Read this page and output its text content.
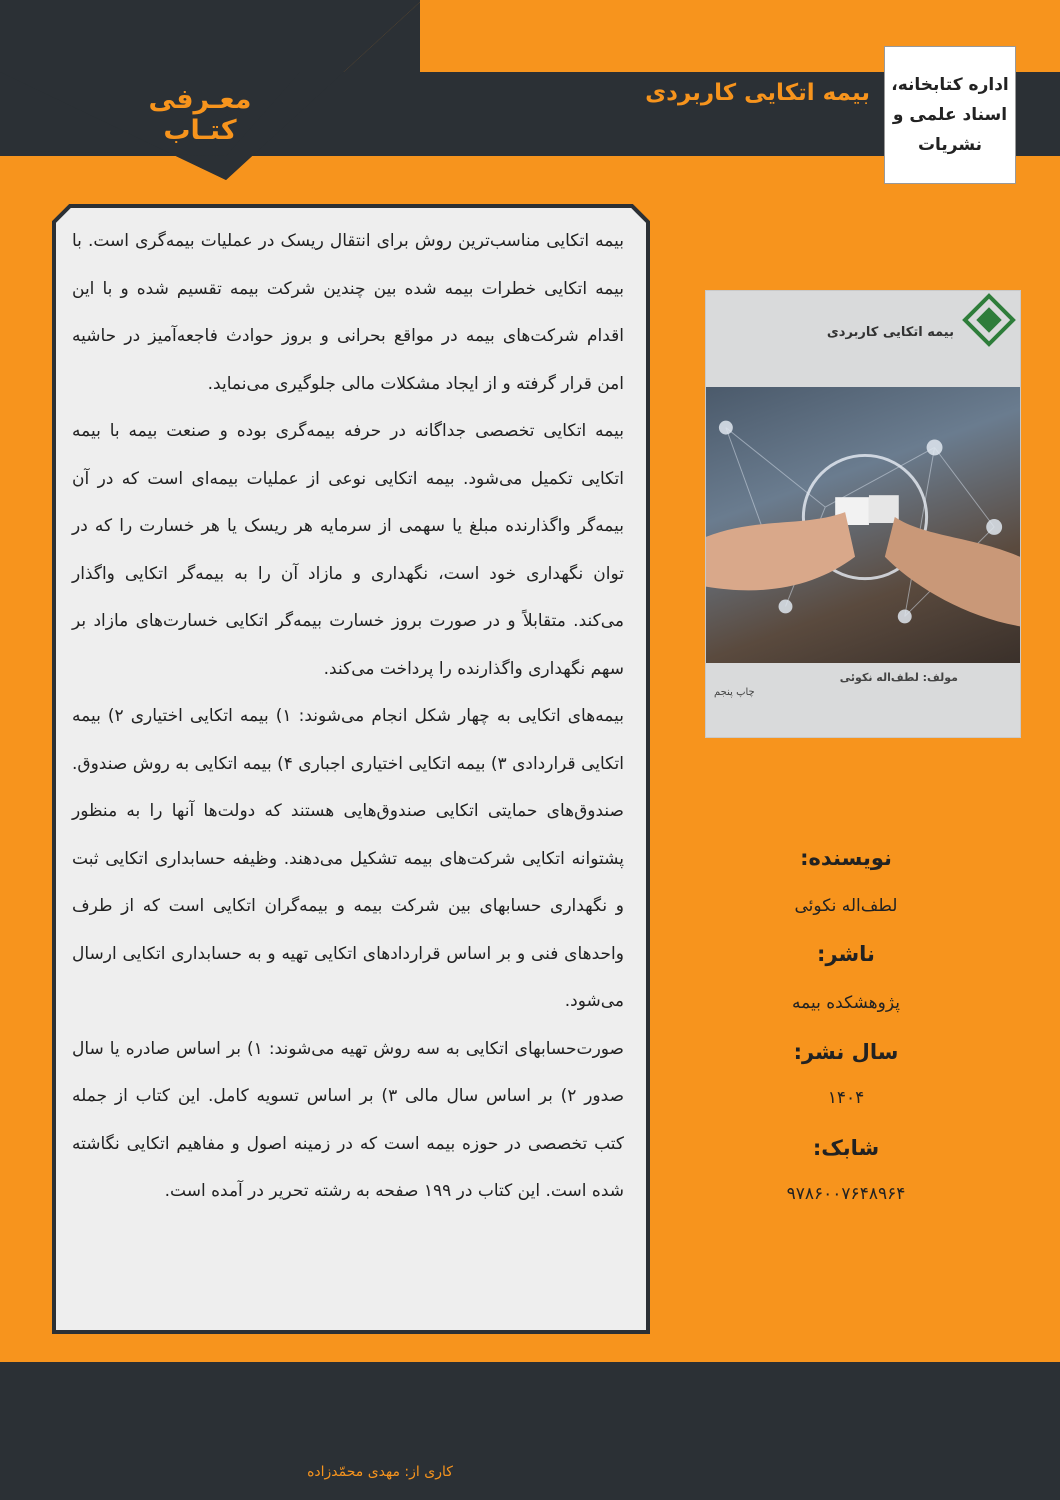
معـرفی کتـاب
بیمه اتکایی کاربردی اداره کتابخانه،
اسناد علمی و
نشریات

بیمه اتکایی مناسب‌ترین روش برای انتقال ریسک در عملیات بیمه‌گری است. با بیمه اتکایی خطرات بیمه شده بین چندین شرکت بیمه تقسیم شده و با این اقدام شرکت‌های بیمه در مواقع بحرانی و بروز حوادث فاجعه‌آمیز در حاشیه امن قرار گرفته و از ایجاد مشکلات مالی جلوگیری می‌نماید.

بیمه اتکایی تخصصی جداگانه در حرفه بیمه‌گری بوده و صنعت بیمه با بیمه اتکایی تکمیل می‌شود. بیمه اتکایی نوعی از عملیات بیمه‌ای است که در آن بیمه‌گر واگذارنده مبلغ یا سهمی از سرمایه هر ریسک یا هر خسارت را که در توان نگهداری خود است، نگهداری و مازاد آن را به بیمه‌گر اتکایی واگذار می‌کند. متقابلاً و در صورت بروز خسارت بیمه‌گر اتکایی خسارت‌های مازاد بر سهم نگهداری واگذارنده را پرداخت می‌کند.

بیمه‌های اتکایی به چهار شکل انجام می‌شوند: ۱) بیمه اتکایی اختیاری ۲) بیمه اتکایی قراردادی ۳) بیمه اتکایی اختیاری اجباری ۴) بیمه اتکایی به روش صندوق. صندوق‌های حمایتی اتکایی صندوق‌هایی هستند که دولت‌ها آنها را به منظور پشتوانه اتکایی شرکت‌های بیمه تشکیل می‌دهند. وظیفه حسابداری اتکایی ثبت و نگهداری حسابهای بین شرکت بیمه و بیمه‌گران اتکایی است که از طرف واحدهای فنی و بر اساس قراردادهای اتکایی تهیه و به حسابداری اتکایی ارسال می‌شود.

صورت‌حسابهای اتکایی به سه روش تهیه می‌شوند: ۱) بر اساس صادره یا سال صدور ۲) بر اساس سال مالی ۳) بر اساس تسویه کامل. این کتاب از جمله کتب تخصصی در حوزه بیمه است که در زمینه اصول و مفاهیم اتکایی نگاشته شده است. این کتاب در ۱۹۹ صفحه به رشته تحریر در آمده است.

بیمه اتکایی کاربردی
مولف: لطف‌اله نکوئی
چاپ پنجم
نویسنده:
لطف‌اله نکوئی
ناشر:
پژوهشکده بیمه
سال نشر:
۱۴۰۴
شابک:
۹۷۸۶۰۰۷۶۴۸۹۶۴
کاری از: مهدی محمّدزاده
